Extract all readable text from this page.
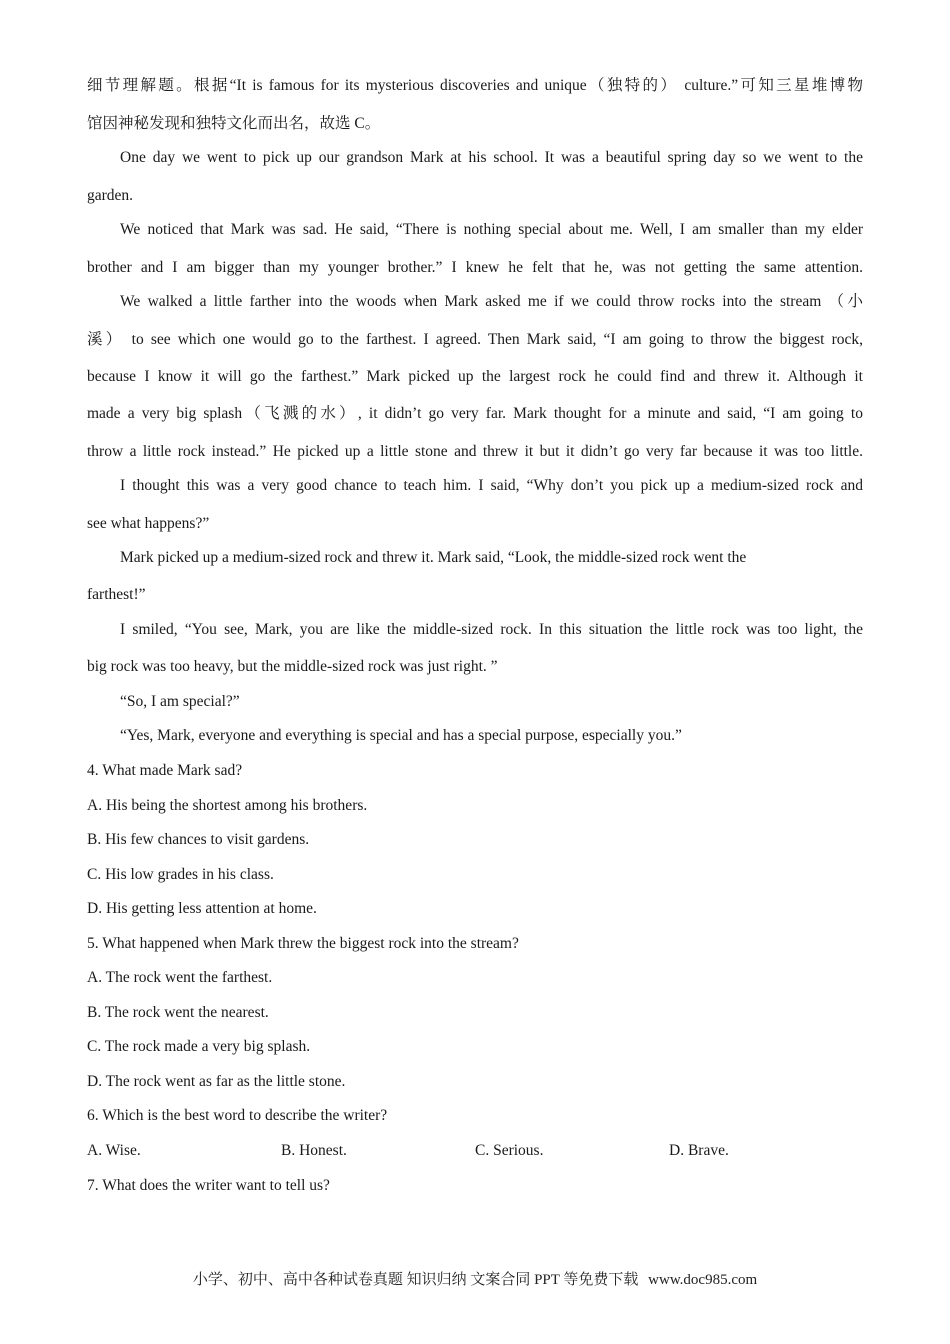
细节理解题。根据“It is famous for its mysterious discoveries and unique（独特的） culture.”可知三星堆博物
馆因神秘发现和独特文化而出名，故选 C。
One day we went to pick up our grandson Mark at his school. It was a beautiful spring day so we went to the
garden.
We noticed that Mark was sad. He said, “There is nothing special about me. Well, I am smaller than my elder
brother and I am bigger than my younger brother.” I knew he felt that he, was not getting the same attention.
We walked a little farther into the woods when Mark asked me if we could throw rocks into the stream （小
溪） to see which one would go to the farthest. I agreed. Then Mark said, “I am going to throw the biggest rock,
because I know it will go the farthest.” Mark picked up the largest rock he could find and threw it. Although it
made a very big splash（飞溅的水）, it didn’t go very far. Mark thought for a minute and said, “I am going to
throw a little rock instead.” He picked up a little stone and threw it but it didn’t go very far because it was too little.
I thought this was a very good chance to teach him. I said, “Why don’t you pick up a medium-sized rock and
see what happens?”
Mark picked up a medium-sized rock and threw it. Mark said, “Look, the middle-sized rock went the
farthest!”
I smiled, “You see, Mark, you are like the middle-sized rock. In this situation the little rock was too light, the
big rock was too heavy, but the middle-sized rock was just right. ”
“So, I am special?”
“Yes, Mark, everyone and everything is special and has a special purpose, especially you.”
4. What made Mark sad?
A. His being the shortest among his brothers.
B. His few chances to visit gardens.
C. His low grades in his class.
D. His getting less attention at home.
5. What happened when Mark threw the biggest rock into the stream?
A. The rock went the farthest.
B. The rock went the nearest.
C. The rock made a very big splash.
D. The rock went as far as the little stone.
6. Which is the best word to describe the writer?
A. Wise.	B. Honest.	C. Serious.	D. Brave.
7. What does the writer want to tell us?
小学、初中、高中各种试卷真题 知识归纳 文案合同 PPT 等免费下载 www.doc985.com
